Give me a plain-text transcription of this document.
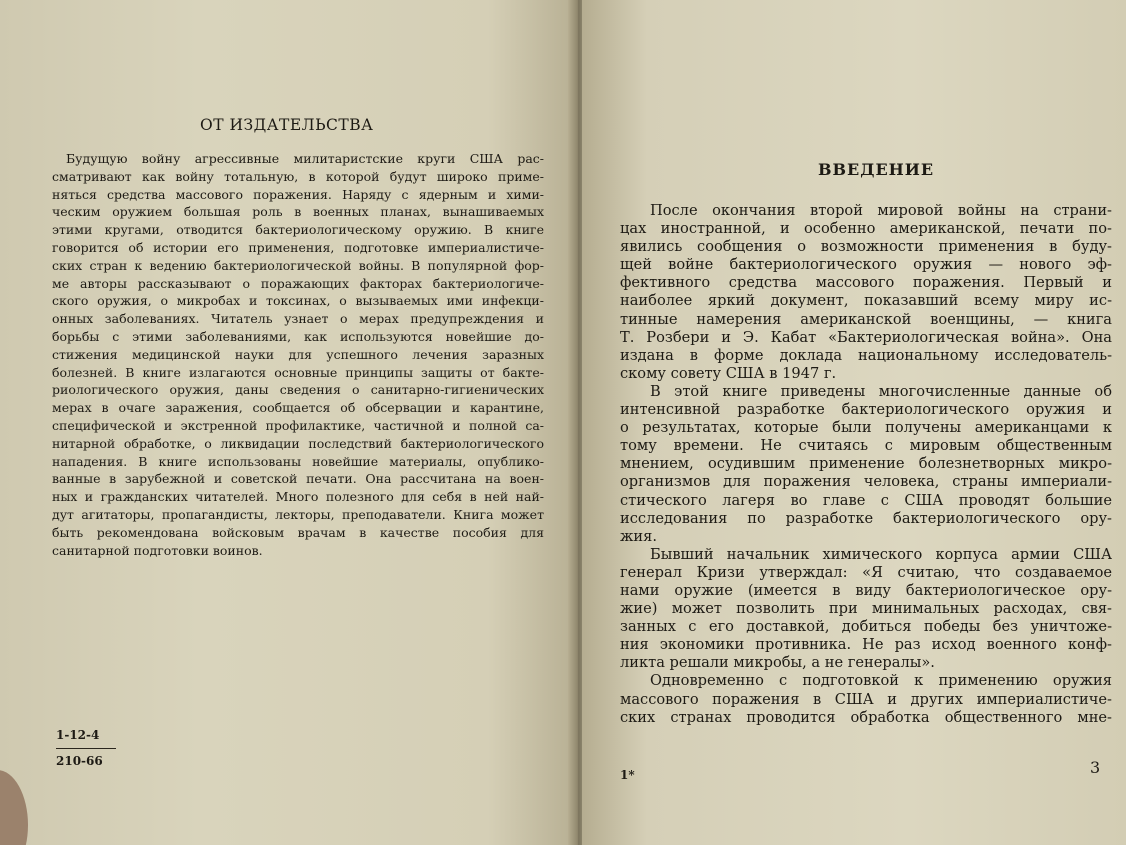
ОТ ИЗДАТЕЛЬСТВА
Будущую войну агрессивные милитаристские круги США рас-
сматривают как войну тотальную, в которой будут широко приме-
няться средства массового поражения. Наряду с ядерным и хими-
ческим оружием большая роль в военных планах, вынашиваемых
этими кругами, отводится бактериологическому оружию. В книге
говорится об истории его применения, подготовке империалистиче-
ских стран к ведению бактериологической войны. В популярной фор-
ме авторы рассказывают о поражающих факторах бактериологиче-
ского оружия, о микробах и токсинах, о вызываемых ими инфекци-
онных заболеваниях. Читатель узнает о мерах предупреждения и
борьбы с этими заболеваниями, как используются новейшие до-
стижения медицинской науки для успешного лечения заразных
болезней. В книге излагаются основные принципы защиты от бакте-
риологического оружия, даны сведения о санитарно-гигиенических
мерах в очаге заражения, сообщается об обсервации и карантине,
специфической и экстренной профилактике, частичной и полной са-
нитарной обработке, о ликвидации последствий бактериологического
нападения. В книге использованы новейшие материалы, опублико-
ванные в зарубежной и советской печати. Она рассчитана на воен-
ных и гражданских читателей. Много полезного для себя в ней най-
дут агитаторы, пропагандисты, лекторы, преподаватели. Книга может
быть рекомендована войсковым врачам в качестве пособия для
санитарной подготовки воинов.
1-12-4
210-66
ВВЕДЕНИЕ
После окончания второй мировой войны на страни-
цах иностранной, и особенно американской, печати по-
явились сообщения о возможности применения в буду-
щей войне бактериологического оружия — нового эф-
фективного средства массового поражения. Первый и
наиболее яркий документ, показавший всему миру ис-
тинные намерения американской военщины, — книга
Т. Розбери и Э. Кабат «Бактериологическая война». Она
издана в форме доклада национальному исследователь-
скому совету США в 1947 г.
В этой книге приведены многочисленные данные об
интенсивной разработке бактериологического оружия и
о результатах, которые были получены американцами к
тому времени. Не считаясь с мировым общественным
мнением, осудившим применение болезнетворных микро-
организмов для поражения человека, страны империали-
стического лагеря во главе с США проводят большие
исследования по разработке бактериологического ору-
жия.
Бывший начальник химического корпуса армии США
генерал Кризи утверждал: «Я считаю, что создаваемое
нами оружие (имеется в виду бактериологическое ору-
жие) может позволить при минимальных расходах, свя-
занных с его доставкой, добиться победы без уничтоже-
ния экономики противника. Не раз исход военного конф-
ликта решали микробы, а не генералы».
Одновременно с подготовкой к применению оружия
массового поражения в США и других империалистиче-
ских странах проводится обработка общественного мне-
1*	3
